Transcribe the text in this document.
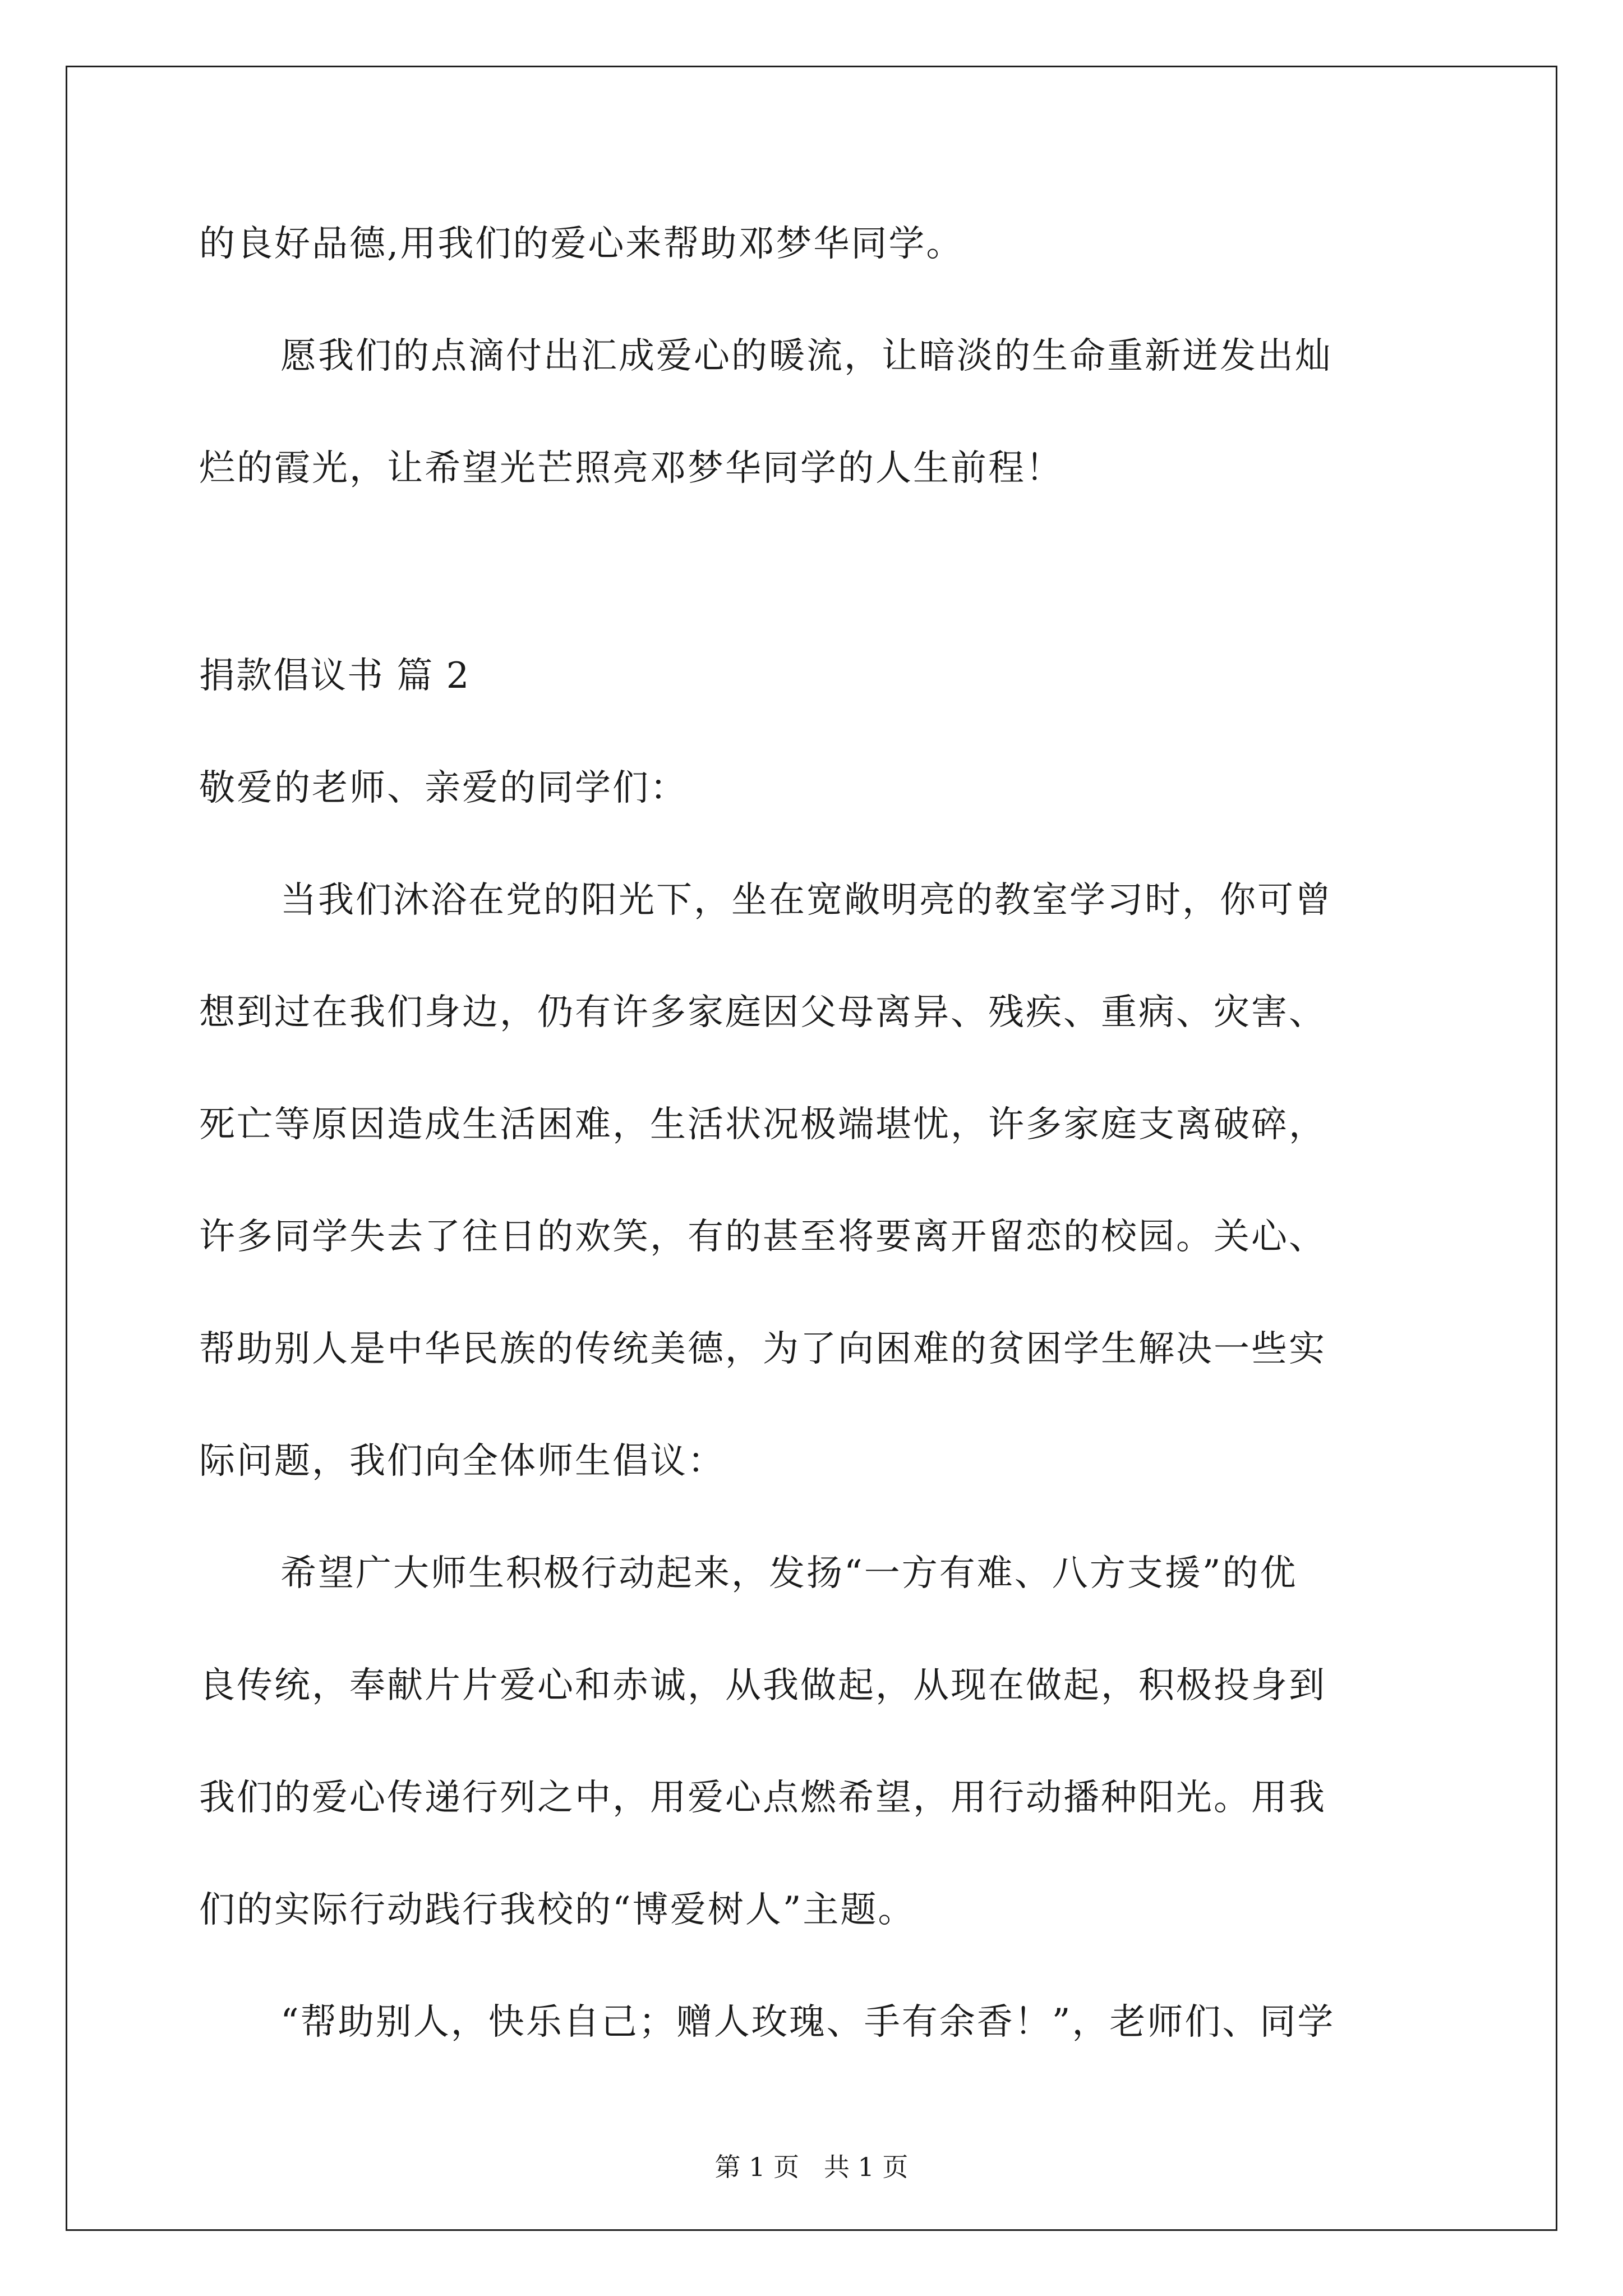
的良好品德,用我们的爱心来帮助邓梦华同学。
愿我们的点滴付出汇成爱心的暖流，让暗淡的生命重新迸发出灿
烂的霞光，让希望光芒照亮邓梦华同学的人生前程！
捐款倡议书 篇 2
敬爱的老师、亲爱的同学们：
当我们沐浴在党的阳光下，坐在宽敞明亮的教室学习时，你可曾
想到过在我们身边，仍有许多家庭因父母离异、残疾、重病、灾害、
死亡等原因造成生活困难，生活状况极端堪忧，许多家庭支离破碎，
许多同学失去了往日的欢笑，有的甚至将要离开留恋的校园。关心、
帮助别人是中华民族的传统美德，为了向困难的贫困学生解决一些实
际问题，我们向全体师生倡议：
希望广大师生积极行动起来，发扬“一方有难、八方支援”的优
良传统，奉献片片爱心和赤诚，从我做起，从现在做起，积极投身到
我们的爱心传递行列之中，用爱心点燃希望，用行动播种阳光。用我
们的实际行动践行我校的“博爱树人”主题。
“帮助别人，快乐自己；赠人玫瑰、手有余香！”，老师们、同学
第 1 页   共 1 页
